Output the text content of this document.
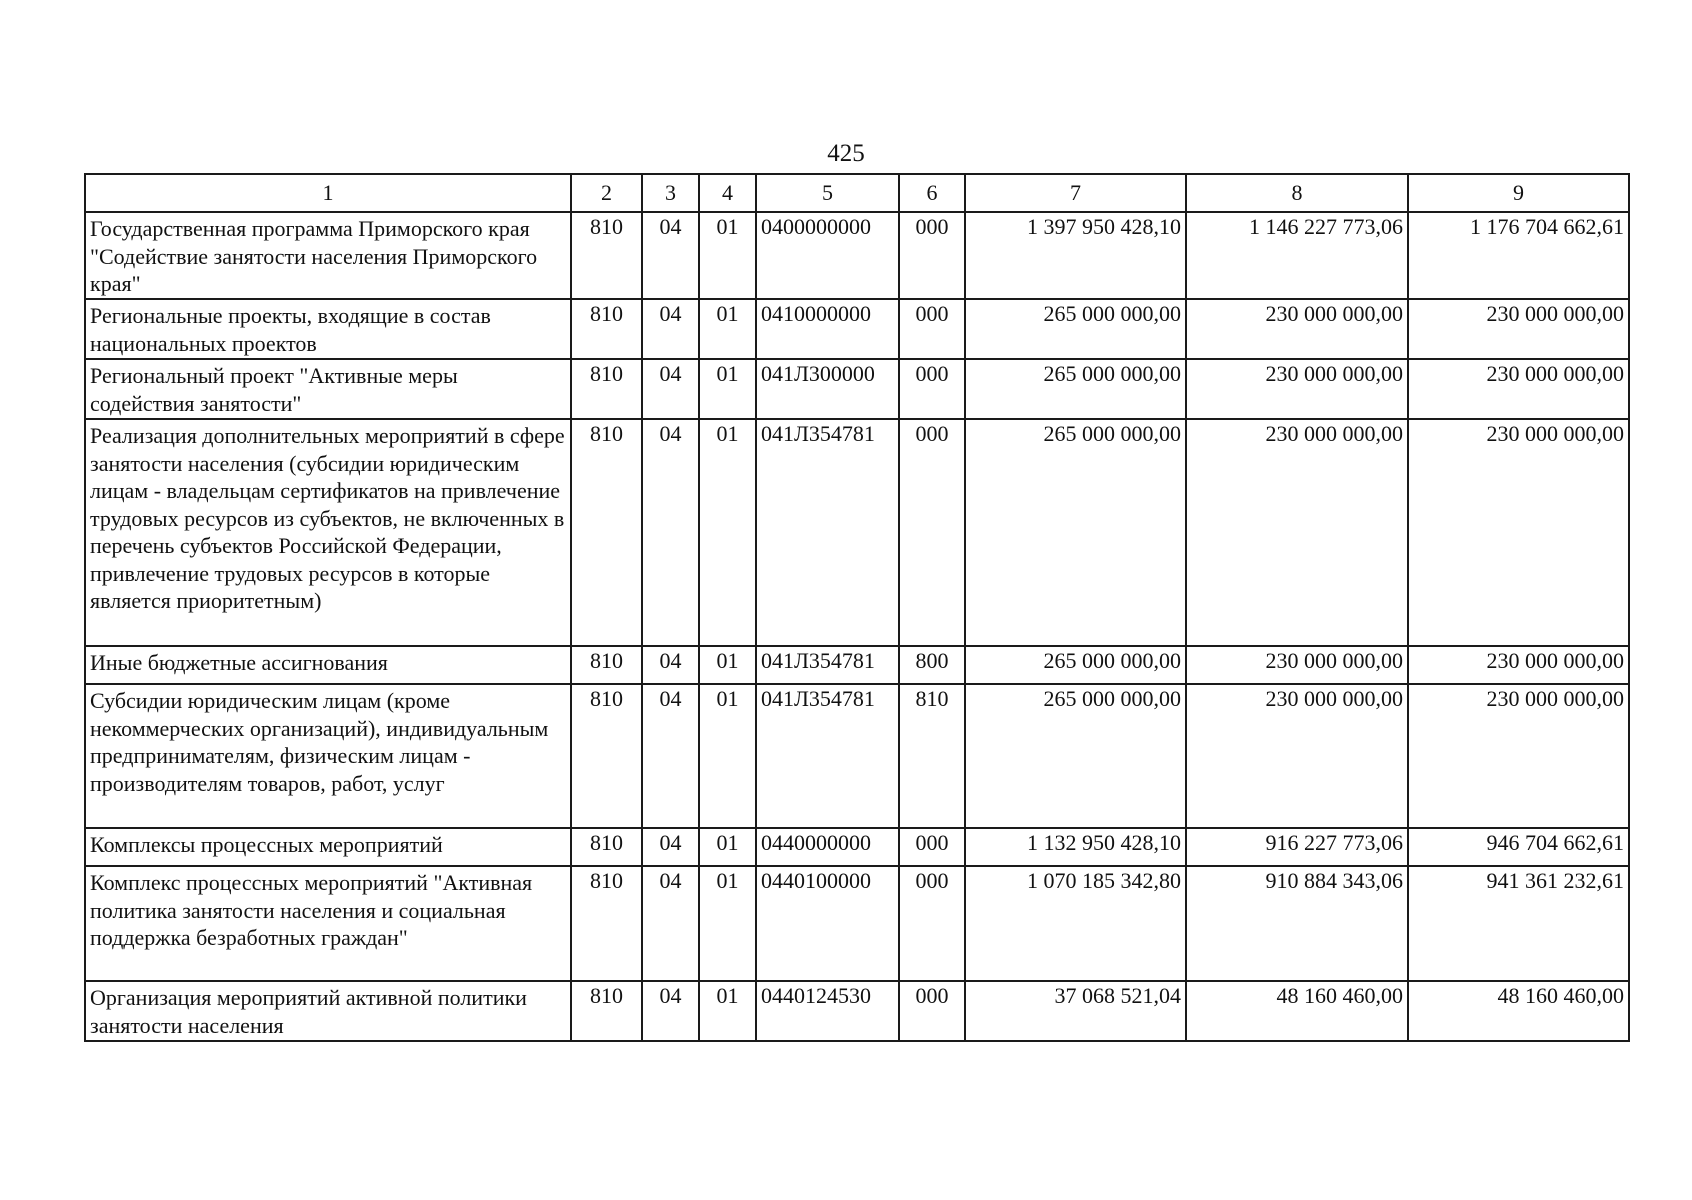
425
1	2	3	4	5	6	7	8	9

Государственная программа Приморского края "Содействие занятости населения Приморского края"	810	04	01	0400000000	000	1 397 950 428,10	1 146 227 773,06	1 176 704 662,61

Региональные проекты, входящие в состав национальных проектов	810	04	01	0410000000	000	265 000 000,00	230 000 000,00	230 000 000,00

Региональный проект "Активные меры содействия занятости"	810	04	01	041Л300000	000	265 000 000,00	230 000 000,00	230 000 000,00

Реализация дополнительных мероприятий в сфере занятости населения (субсидии юридическим лицам - владельцам сертификатов на привлечение трудовых ресурсов из субъектов, не включенных в перечень субъектов Российской Федерации, привлечение трудовых ресурсов в которые является приоритетным)	810	04	01	041Л354781	000	265 000 000,00	230 000 000,00	230 000 000,00

Иные бюджетные ассигнования	810	04	01	041Л354781	800	265 000 000,00	230 000 000,00	230 000 000,00

Субсидии юридическим лицам (кроме некоммерческих организаций), индивидуальным предпринимателям, физическим лицам - производителям товаров, работ, услуг	810	04	01	041Л354781	810	265 000 000,00	230 000 000,00	230 000 000,00

Комплексы процессных мероприятий	810	04	01	0440000000	000	1 132 950 428,10	916 227 773,06	946 704 662,61

Комплекс процессных мероприятий "Активная политика занятости населения и социальная поддержка безработных граждан"	810	04	01	0440100000	000	1 070 185 342,80	910 884 343,06	941 361 232,61

Организация мероприятий активной политики занятости населения	810	04	01	0440124530	000	37 068 521,04	48 160 460,00	48 160 460,00
